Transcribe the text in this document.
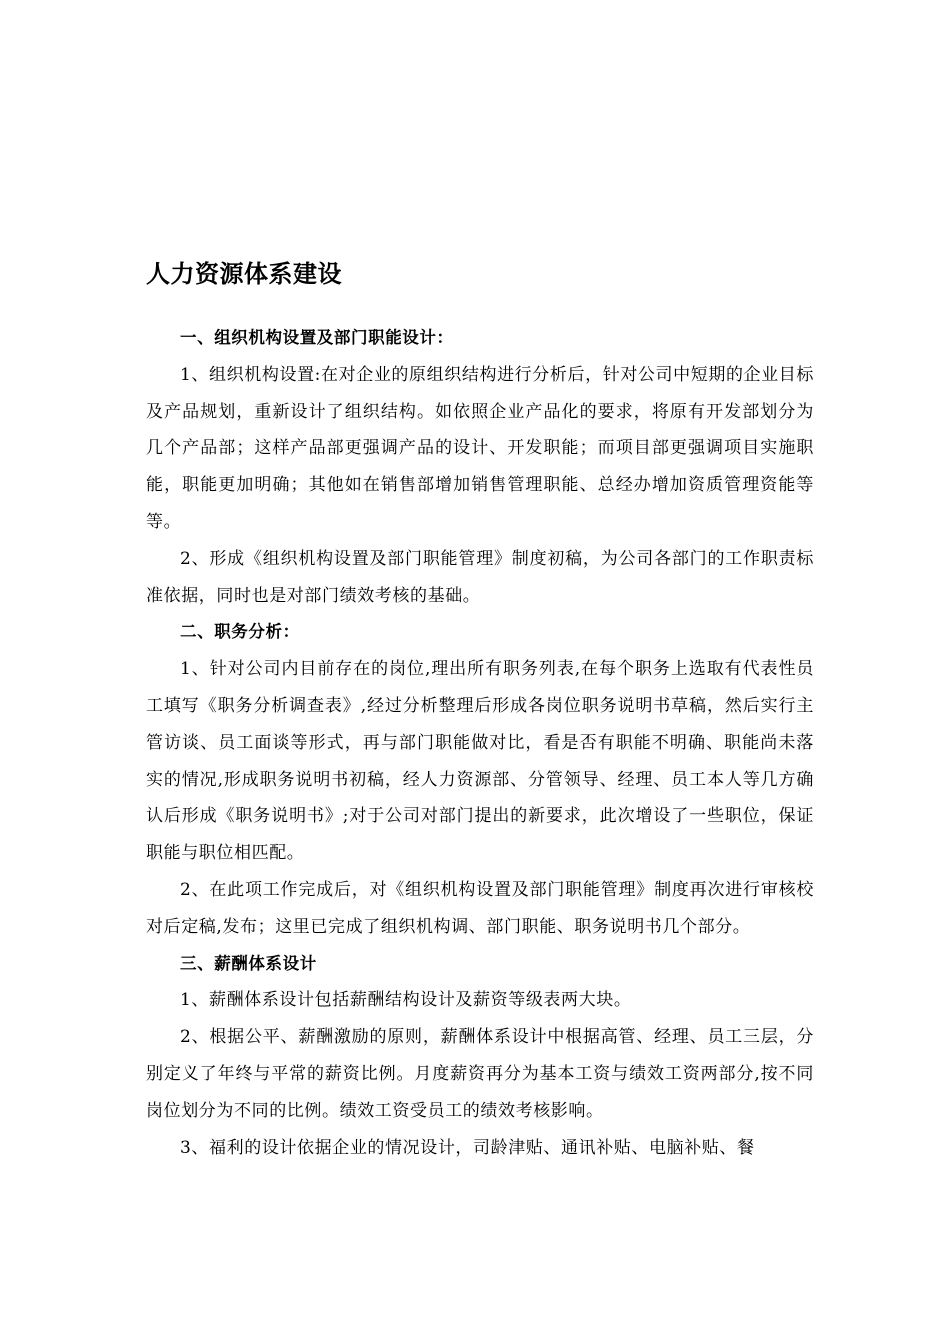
人力资源体系建设

一、组织机构设置及部门职能设计：

1、组织机构设置:在对企业的原组织结构进行分析后，针对公司中短期的企业目标及产品规划，重新设计了组织结构。如依照企业产品化的要求，将原有开发部划分为几个产品部；这样产品部更强调产品的设计、开发职能；而项目部更强调项目实施职能，职能更加明确；其他如在销售部增加销售管理职能、总经办增加资质管理资能等等。

2、形成《组织机构设置及部门职能管理》制度初稿，为公司各部门的工作职责标准依据，同时也是对部门绩效考核的基础。

二、职务分析：

1、针对公司内目前存在的岗位,理出所有职务列表,在每个职务上选取有代表性员工填写《职务分析调查表》,经过分析整理后形成各岗位职务说明书草稿，然后实行主管访谈、员工面谈等形式，再与部门职能做对比，看是否有职能不明确、职能尚未落实的情况,形成职务说明书初稿，经人力资源部、分管领导、经理、员工本人等几方确认后形成《职务说明书》;对于公司对部门提出的新要求，此次增设了一些职位，保证职能与职位相匹配。

2、在此项工作完成后，对《组织机构设置及部门职能管理》制度再次进行审核校对后定稿,发布；这里已完成了组织机构调、部门职能、职务说明书几个部分。

三、薪酬体系设计

1、薪酬体系设计包括薪酬结构设计及薪资等级表两大块。

2、根据公平、薪酬激励的原则，薪酬体系设计中根据高管、经理、员工三层，分别定义了年终与平常的薪资比例。月度薪资再分为基本工资与绩效工资两部分,按不同岗位划分为不同的比例。绩效工资受员工的绩效考核影响。

3、福利的设计依据企业的情况设计，司龄津贴、通讯补贴、电脑补贴、餐
